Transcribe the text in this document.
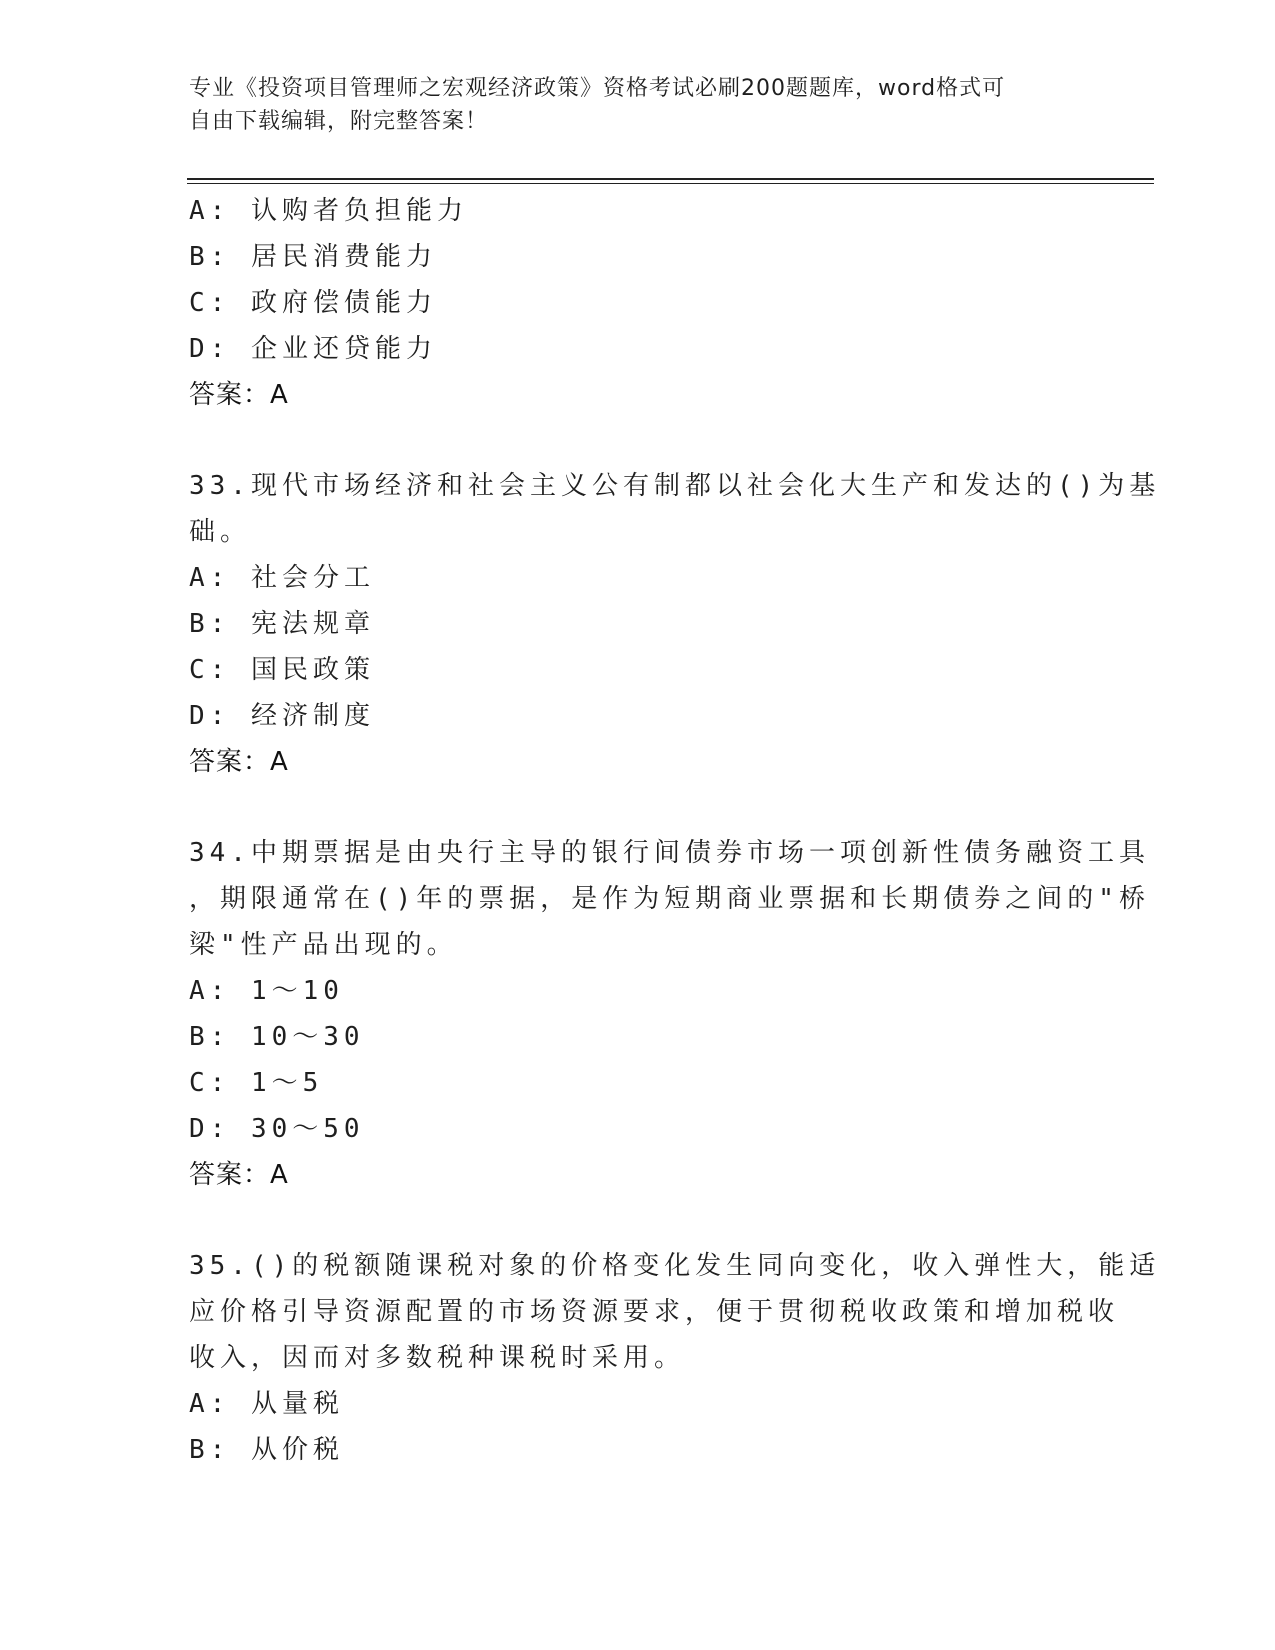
专业《投资项目管理师之宏观经济政策》资格考试必刷200题题库，word格式可
自由下载编辑，附完整答案！
A: 认购者负担能力
B: 居民消费能力
C: 政府偿债能力
D: 企业还贷能力
答案：A
33.现代市场经济和社会主义公有制都以社会化大生产和发达的()为基
础。
A: 社会分工
B: 宪法规章
C: 国民政策
D: 经济制度
答案：A
34.中期票据是由央行主导的银行间债券市场一项创新性债务融资工具
，期限通常在()年的票据，是作为短期商业票据和长期债券之间的"桥
梁"性产品出现的。
A: 1～10
B: 10～30
C: 1～5
D: 30～50
答案：A
35.()的税额随课税对象的价格变化发生同向变化，收入弹性大，能适
应价格引导资源配置的市场资源要求，便于贯彻税收政策和增加税收
收入，因而对多数税种课税时采用。
A: 从量税
B: 从价税
